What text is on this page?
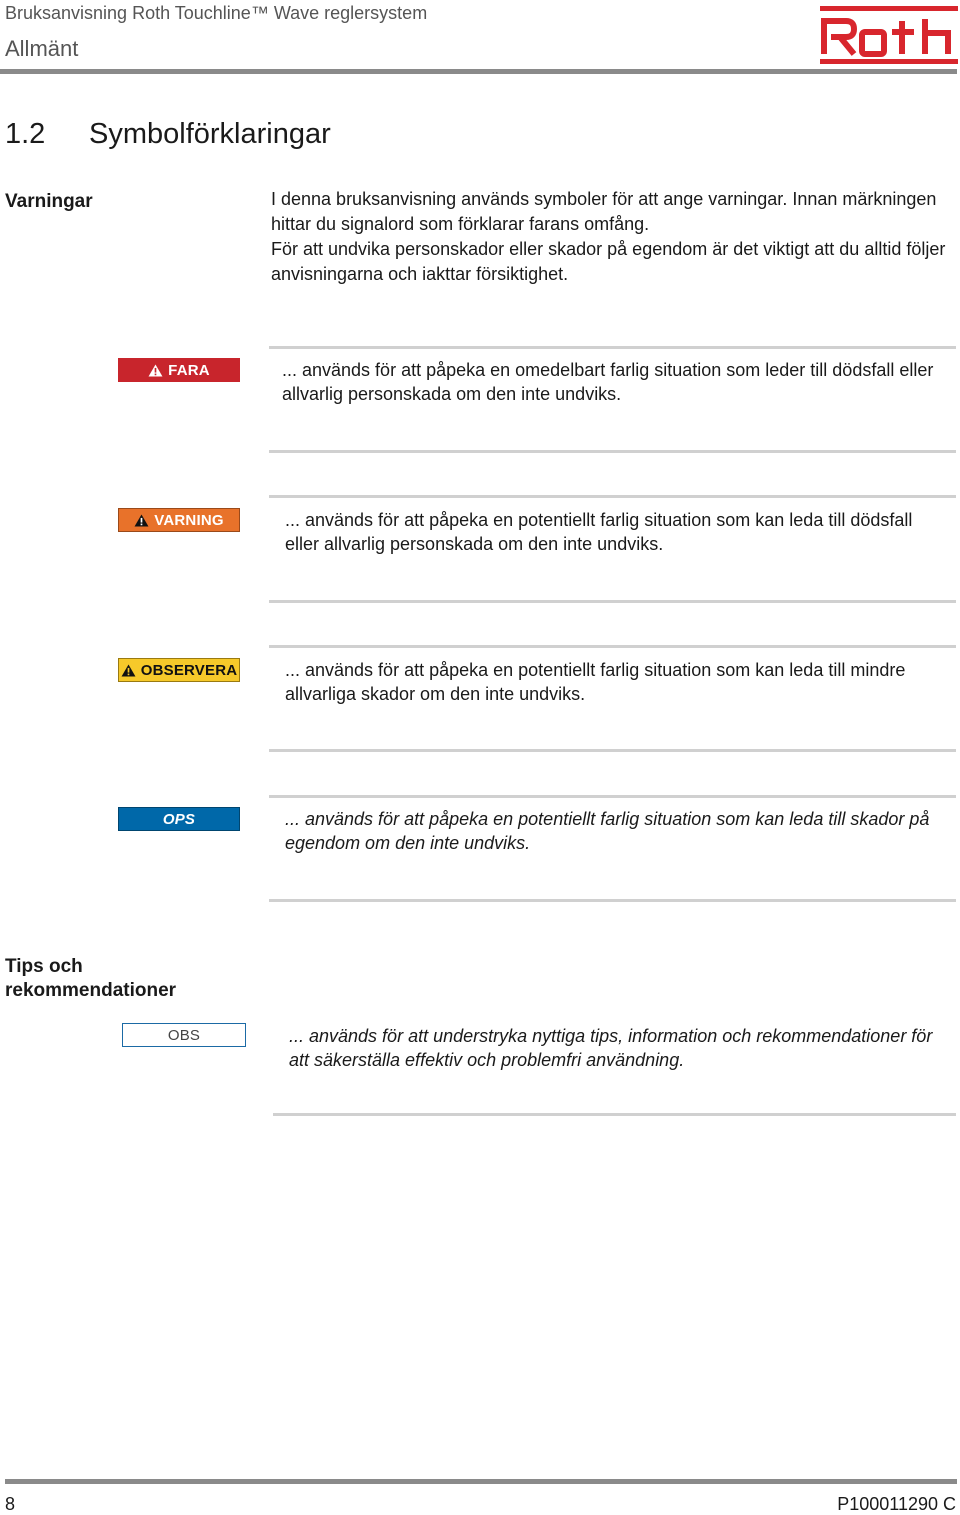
Bruksanvisning Roth Touchline™ Wave reglersystem
Allmänt
1.2 Symbolförklaringar
Varningar	I denna bruksanvisning används symboler för att ange varningar. Innan märkningen hittar du signalord som förklarar farans omfång.

För att undvika personskador eller skador på egendom är det viktigt att du alltid följer anvisningarna och iakttar försiktighet.

FARA	... används för att påpeka en omedelbart farlig situation som leder till dödsfall eller allvarlig personskada om den inte undviks.
VARNING	... används för att påpeka en potentiellt farlig situation som kan leda till dödsfall eller allvarlig personskada om den inte undviks.
OBSERVERA	... används för att påpeka en potentiellt farlig situation som kan leda till mindre allvarliga skador om den inte undviks.
OPS	... används för att påpeka en potentiellt farlig situation som kan leda till skador på egendom om den inte undviks.
Tips och rekommendationer
OBS	... används för att understryka nyttiga tips, information och rekommendationer för att säkerställa effektiv och problemfri användning.
8	P100011290 C
